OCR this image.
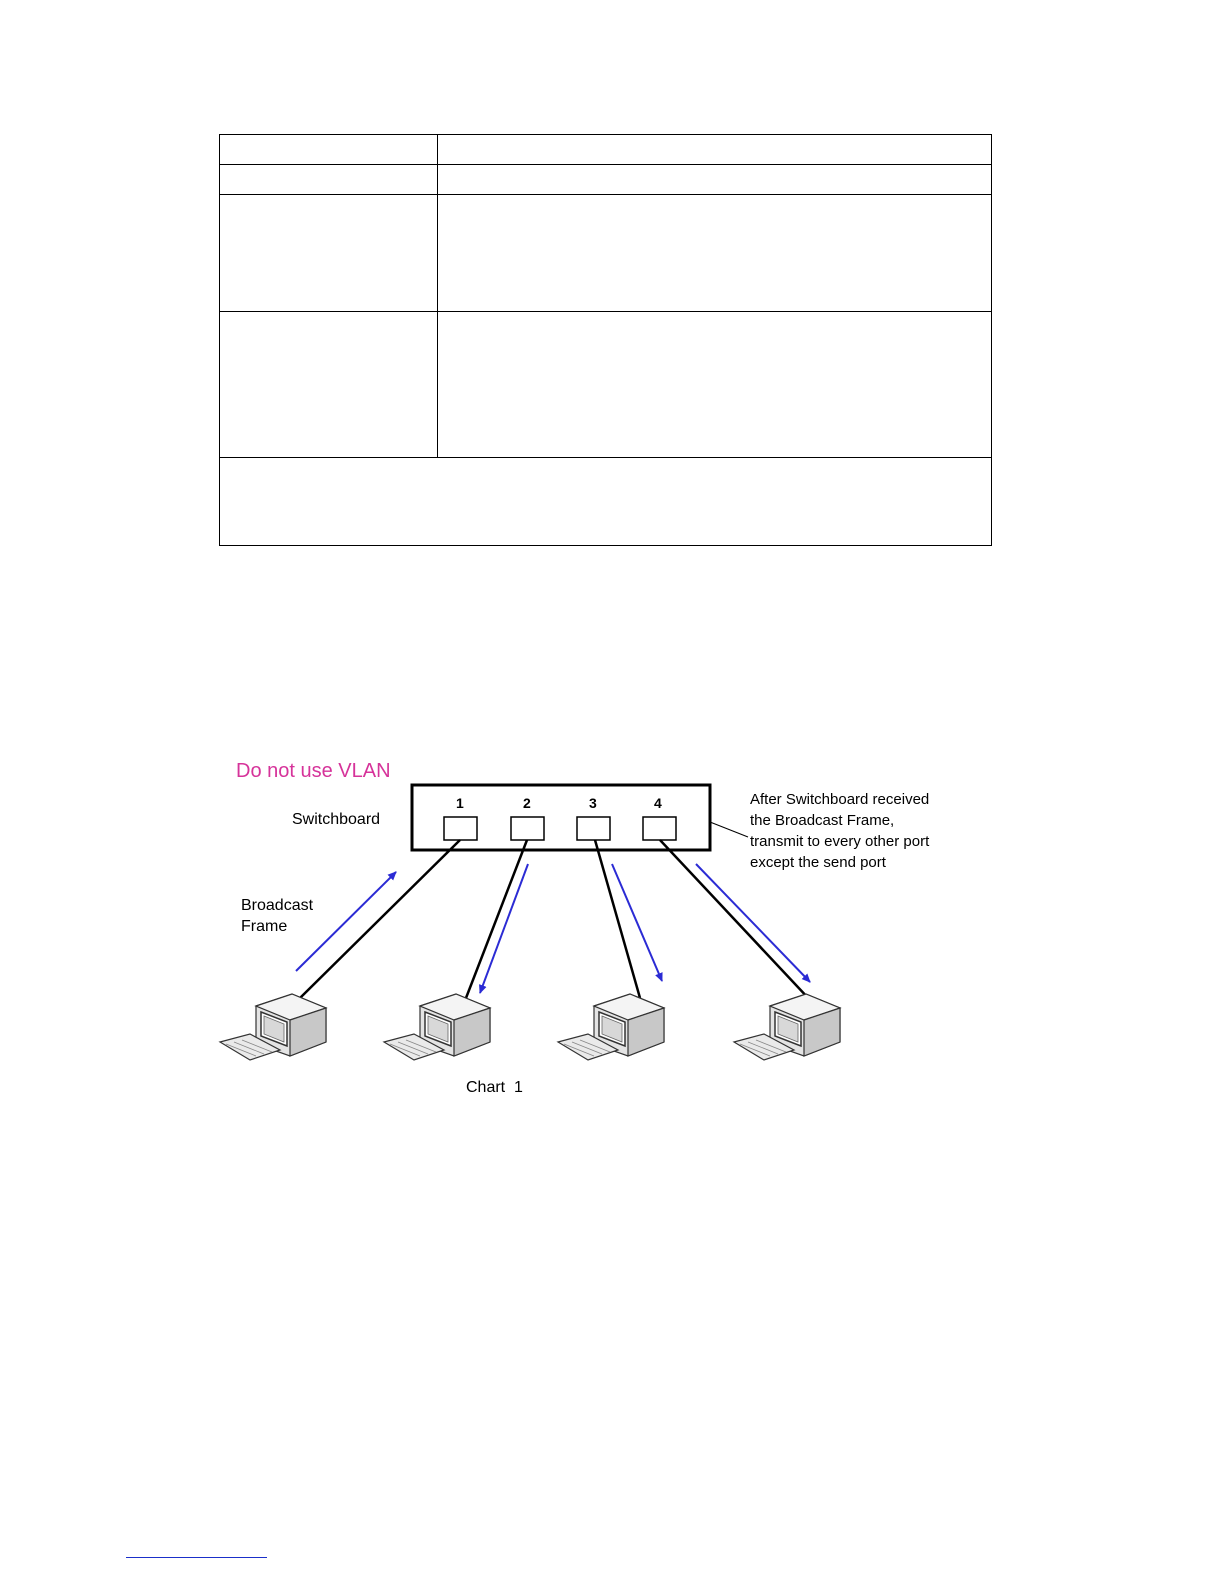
Do not use VLAN
Switchboard
1	2	3	4	After Switchboard received the Broadcast Frame, transmit to every other port except the send port
Broadcast Frame
Chart  1
